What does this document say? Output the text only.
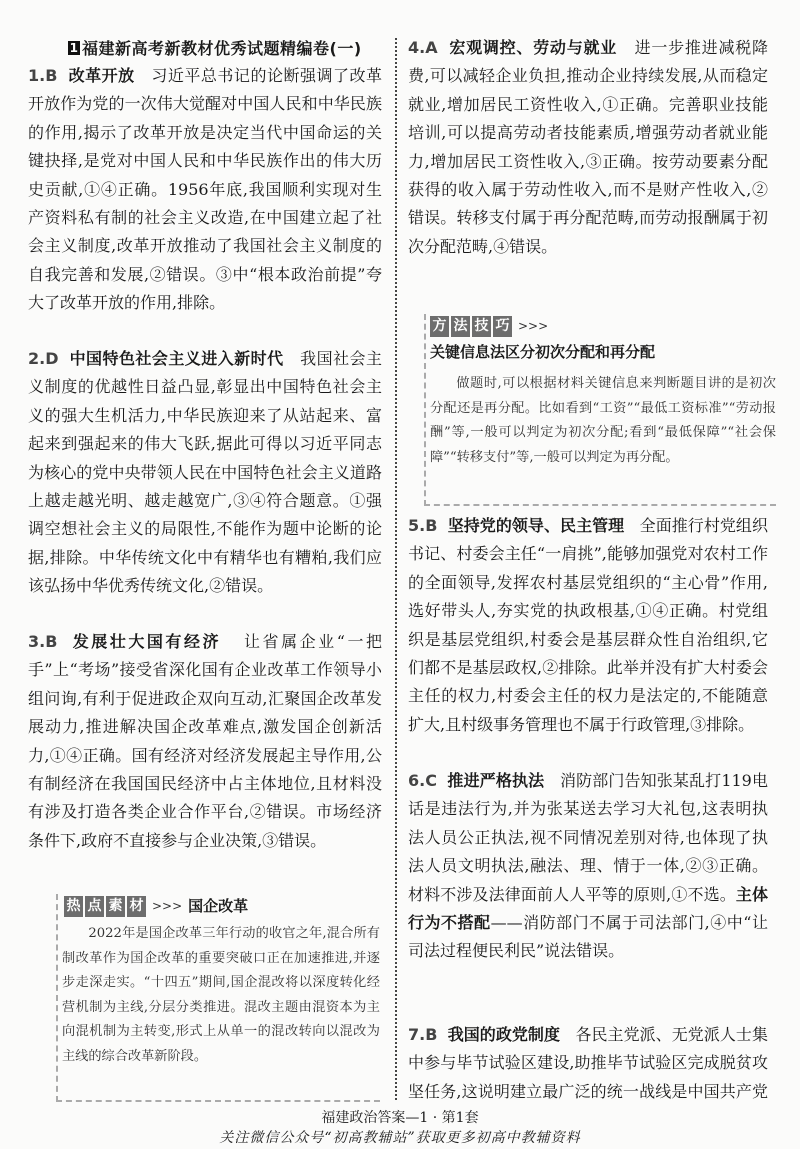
1 福建新高考新教材优秀试题精编卷(一)
1.B 改革开放 习近平总书记的论断强调了改革开放作为党的一次伟大觉醒对中国人民和中华民族的作用,揭示了改革开放是决定当代中国命运的关键抉择,是党对中国人民和中华民族作出的伟大历史贡献,①④正确。1956年底,我国顺利实现对生产资料私有制的社会主义改造,在中国建立起了社会主义制度,改革开放推动了我国社会主义制度的自我完善和发展,②错误。③中“根本政治前提”夸大了改革开放的作用,排除。
2.D 中国特色社会主义进入新时代 我国社会主义制度的优越性日益凸显,彰显出中国特色社会主义的强大生机活力,中华民族迎来了从站起来、富起来到强起来的伟大飞跃,据此可得以习近平同志为核心的党中央带领人民在中国特色社会主义道路上越走越光明、越走越宽广,③④符合题意。①强调空想社会主义的局限性,不能作为题中论断的论据,排除。中华传统文化中有精华也有糟粕,我们应该弘扬中华优秀传统文化,②错误。
3.B 发展壮大国有经济 让省属企业“一把手”上“考场”接受省深化国有企业改革工作领导小组问询,有利于促进政企双向互动,汇聚国企改革发展动力,推进解决国企改革难点,激发国企创新活力,①④正确。国有经济对经济发展起主导作用,公有制经济在我国国民经济中占主体地位,且材料没有涉及打造各类企业合作平台,②错误。市场经济条件下,政府不直接参与企业决策,③错误。
热 点 素 材 >>> 国企改革
2022年是国企改革三年行动的收官之年,混合所有制改革作为国企改革的重要突破口正在加速推进,并逐步走深走实。“十四五”期间,国企混改将以深度转化经营机制为主线,分层分类推进。混改主题由混资本为主向混机制为主转变,形式上从单一的混改转向以混改为主线的综合改革新阶段。
4.A 宏观调控、劳动与就业 进一步推进减税降费,可以减轻企业负担,推动企业持续发展,从而稳定就业,增加居民工资性收入,①正确。完善职业技能培训,可以提高劳动者技能素质,增强劳动者就业能力,增加居民工资性收入,③正确。按劳动要素分配获得的收入属于劳动性收入,而不是财产性收入,②错误。转移支付属于再分配范畴,而劳动报酬属于初次分配范畴,④错误。
方 法 技 巧 >>>
关键信息法区分初次分配和再分配
做题时,可以根据材料关键信息来判断题目讲的是初次分配还是再分配。比如看到“工资”“最低工资标准”“劳动报酬”等,一般可以判定为初次分配;看到“最低保障”“社会保障”“转移支付”等,一般可以判定为再分配。
5.B 坚持党的领导、民主管理 全面推行村党组织书记、村委会主任“一肩挑”,能够加强党对农村工作的全面领导,发挥农村基层党组织的“主心骨”作用,选好带头人,夯实党的执政根基,①④正确。村党组织是基层党组织,村委会是基层群众性自治组织,它们都不是基层政权,②排除。此举并没有扩大村委会主任的权力,村委会主任的权力是法定的,不能随意扩大,且村级事务管理也不属于行政管理,③排除。
6.C 推进严格执法 消防部门告知张某乱打119电话是违法行为,并为张某送去学习大礼包,这表明执法人员公正执法,视不同情况差别对待,也体现了执法人员文明执法,融法、理、情于一体,②③正确。材料不涉及法律面前人人平等的原则,①不选。主体行为不搭配——消防部门不属于司法部门,④中“让司法过程便民利民”说法错误。
7.B 我国的政党制度 各民主党派、无党派人士集中参与毕节试验区建设,助推毕节试验区完成脱贫攻坚任务,这说明建立最广泛的统一战线是中国共产党
福建政治答案—1 · 第1套
关注微信公众号“初高教辅站”获取更多初高中教辅资料
